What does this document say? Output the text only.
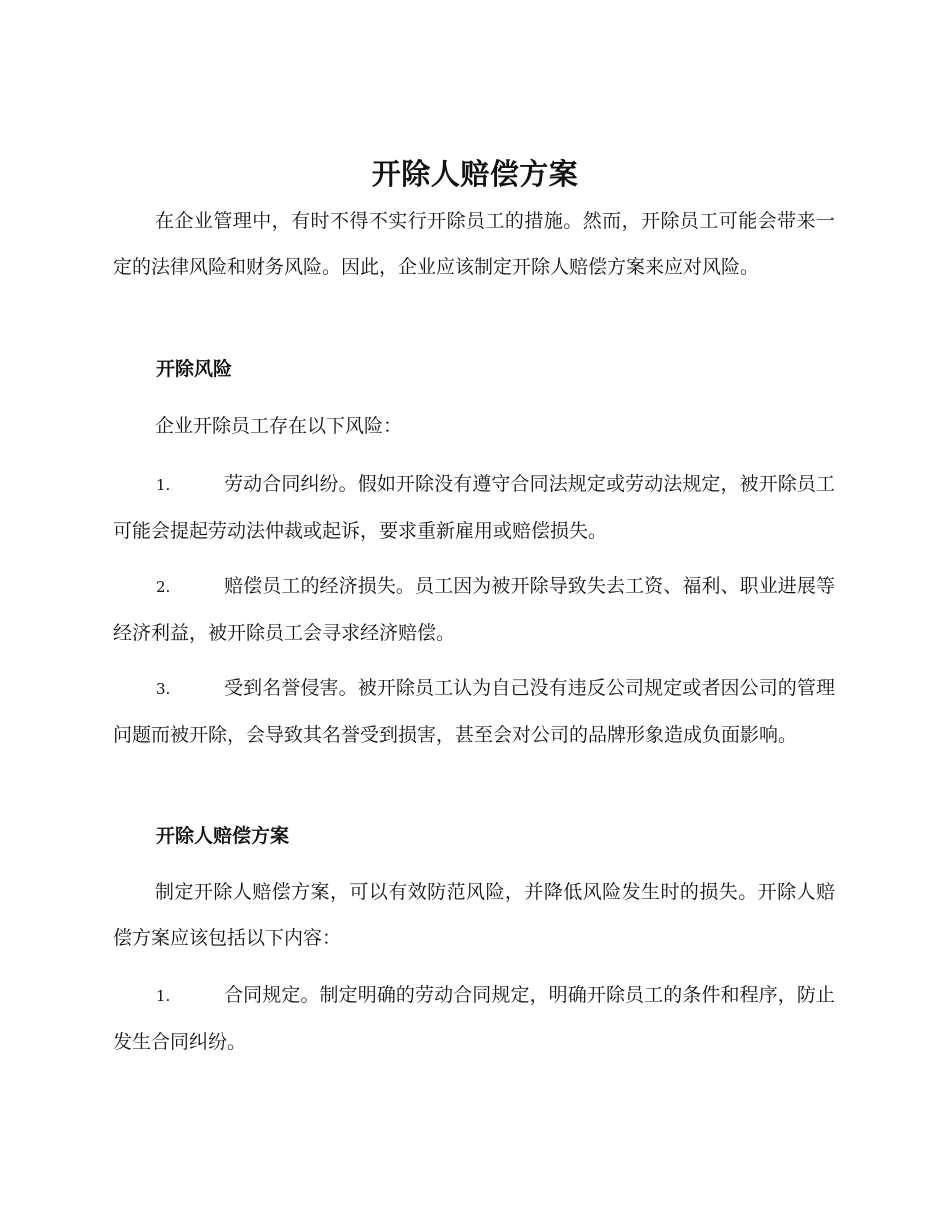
开除人赔偿方案

在企业管理中，有时不得不实行开除员工的措施。然而，开除员工可能会带来一定的法律风险和财务风险。因此，企业应该制定开除人赔偿方案来应对风险。

开除风险

企业开除员工存在以下风险：

1.	劳动合同纠纷。假如开除没有遵守合同法规定或劳动法规定，被开除员工可能会提起劳动法仲裁或起诉，要求重新雇用或赔偿损失。

2.	赔偿员工的经济损失。员工因为被开除导致失去工资、福利、职业进展等经济利益，被开除员工会寻求经济赔偿。

3.	受到名誉侵害。被开除员工认为自己没有违反公司规定或者因公司的管理问题而被开除，会导致其名誉受到损害，甚至会对公司的品牌形象造成负面影响。

开除人赔偿方案

制定开除人赔偿方案，可以有效防范风险，并降低风险发生时的损失。开除人赔偿方案应该包括以下内容：

1.	合同规定。制定明确的劳动合同规定，明确开除员工的条件和程序，防止发生合同纠纷。
